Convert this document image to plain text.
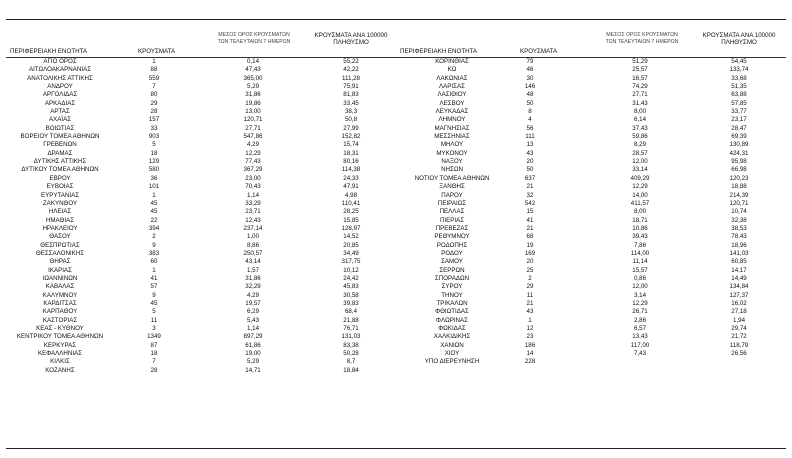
ΠΕΡΙΦΕΡΕΙΑΚΗ ΕΝΟΤΗΤΑ	ΚΡΟΥΣΜΑΤΑ
ΜΕΣΟΣ ΟΡΟΣ ΚΡΟΥΣΜΑΤΩΝ
ΤΩΝ ΤΕΛΕΥΤΑΙΩΝ 7 ΗΜΕΡΩΝ
ΚΡΟΥΣΜΑΤΑ ΑΝΑ 100000
ΠΛΗΘΥΣΜΟ
ΑΓΙΟ ΟΡΟΣ	1	0,14	55,22
ΑΙΤΩΛΟΑΚΑΡΝΑΝΙΑΣ	88	47,43	42,22
ΑΝΑΤΟΛΙΚΗΣ ΑΤΤΙΚΗΣ	559	365,00	111,28
ΑΝΔΡΟΥ	7	5,29	75,91
ΑΡΓΟΛΙΔΑΣ	80	31,86	81,83
ΑΡΚΑΔΙΑΣ	29	19,86	33,45
ΑΡΤΑΣ	28	13,00	38,3
ΑΧΑΪΑΣ	157	120,71	50,8
ΒΟΙΩΤΙΑΣ	33	27,71	27,99
ΒΟΡΕΙΟΥ ΤΟΜΕΑ ΑΘΗΝΩΝ	903	547,86	152,82
ΓΡΕΒΕΝΩΝ	5	4,29	15,74
ΔΡΑΜΑΣ	18	12,29	18,31
ΔΥΤΙΚΗΣ ΑΤΤΙΚΗΣ	129	77,43	80,16
ΔΥΤΙΚΟΥ ΤΟΜΕΑ ΑΘΗΝΩΝ	580	367,29	114,38
ΕΒΡΟΥ	36	23,00	24,33
ΕΥΒΟΙΑΣ	101	70,43	47,91
ΕΥΡΥΤΑΝΙΑΣ	1	1,14	4,98
ΖΑΚΥΝΘΟΥ	45	33,29	110,41
ΗΛΕΙΑΣ	45	23,71	28,25
ΗΜΑΘΙΑΣ	22	12,43	15,85
ΗΡΑΚΛΕΙΟΥ	394	237,14	128,97
ΘΑΣΟΥ	2	1,00	14,52
ΘΕΣΠΡΩΤΙΑΣ	9	8,86	20,85
ΘΕΣΣΑΛΟΝΙΚΗΣ	383	250,57	34,49
ΘΗΡΑΣ	60	43,14	317,75
ΙΚΑΡΙΑΣ	1	1,57	10,12
ΙΩΑΝΝΙΝΩΝ	41	31,86	24,42
ΚΑΒΑΛΑΣ	57	32,29	45,83
ΚΑΛΥΜΝΟΥ	9	4,29	30,58
ΚΑΡΔΙΤΣΑΣ	45	19,57	39,83
ΚΑΡΠΑΘΟΥ	5	6,29	68,4
ΚΑΣΤΟΡΙΑΣ	11	5,43	21,88
ΚΕΑΣ - ΚΥΘΝΟΥ	3	1,14	76,71
ΚΕΝΤΡΙΚΟΥ ΤΟΜΕΑ ΑΘΗΝΩΝ	1349	897,29	131,03
ΚΕΡΚΥΡΑΣ	87	61,86	83,38
ΚΕΦΑΛΛΗΝΙΑΣ	18	19,00	50,28
ΚΙΛΚΙΣ	7	5,29	8,7
ΚΟΖΑΝΗΣ	28	14,71	18,84
ΠΕΡΙΦΕΡΕΙΑΚΗ ΕΝΟΤΗΤΑ	ΚΡΟΥΣΜΑΤΑ
ΜΕΣΟΣ ΟΡΟΣ ΚΡΟΥΣΜΑΤΩΝ
ΤΩΝ ΤΕΛΕΥΤΑΙΩΝ 7 ΗΜΕΡΩΝ
ΚΡΟΥΣΜΑΤΑ ΑΝΑ 100000
ΠΛΗΘΥΣΜΟ
ΚΟΡΙΝΘΙΑΣ	79	51,29	54,45
ΚΩ	46	25,57	133,74
ΛΑΚΩΝΙΑΣ	30	16,57	33,68
ΛΑΡΙΣΑΣ	146	74,29	51,35
ΛΑΣΙΘΙΟΥ	48	27,71	63,88
ΛΕΣΒΟΥ	50	31,43	57,85
ΛΕΥΚΑΔΑΣ	8	8,00	33,77
ΛΗΜΝΟΥ	4	6,14	23,17
ΜΑΓΝΗΣΙΑΣ	56	37,43	28,47
ΜΕΣΣΗΝΙΑΣ	111	59,86	69,39
ΜΗΛΟΥ	13	8,29	130,89
ΜΥΚΟΝΟΥ	43	28,57	424,31
ΝΑΞΟΥ	20	12,00	95,98
ΝΗΣΩΝ	50	33,14	66,98
ΝΟΤΙΟΥ ΤΟΜΕΑ ΑΘΗΝΩΝ	637	409,29	120,23
ΞΑΝΘΗΣ	21	12,29	18,88
ΠΑΡΟΥ	32	14,00	214,39
ΠΕΙΡΑΙΩΣ	542	411,57	120,71
ΠΕΛΛΑΣ	15	8,00	10,74
ΠΙΕΡΙΑΣ	41	18,71	32,38
ΠΡΕΒΕΖΑΣ	21	10,86	38,53
ΡΕΘΥΜΝΟΥ	68	39,43	78,43
ΡΟΔΟΠΗΣ	19	7,86	18,96
ΡΟΔΟΥ	169	114,00	141,03
ΣΑΜΟΥ	20	11,14	60,85
ΣΕΡΡΩΝ	25	15,57	14,17
ΣΠΟΡΑΔΩΝ	2	0,86	14,49
ΣΥΡΟΥ	29	12,00	134,84
ΤΗΝΟΥ	11	3,14	127,37
ΤΡΙΚΑΛΩΝ	21	12,29	16,02
ΦΘΙΩΤΙΔΑΣ	43	26,71	27,18
ΦΛΩΡΙΝΑΣ	1	2,86	1,94
ΦΩΚΙΔΑΣ	12	6,57	29,74
ΧΑΛΚΙΔΙΚΗΣ	23	13,43	21,72
ΧΑΝΙΩΝ	186	117,00	118,79
ΧΙΟΥ	14	7,43	26,56
ΥΠΟ ΔΙΕΡΕΥΝΗΣΗ	228
